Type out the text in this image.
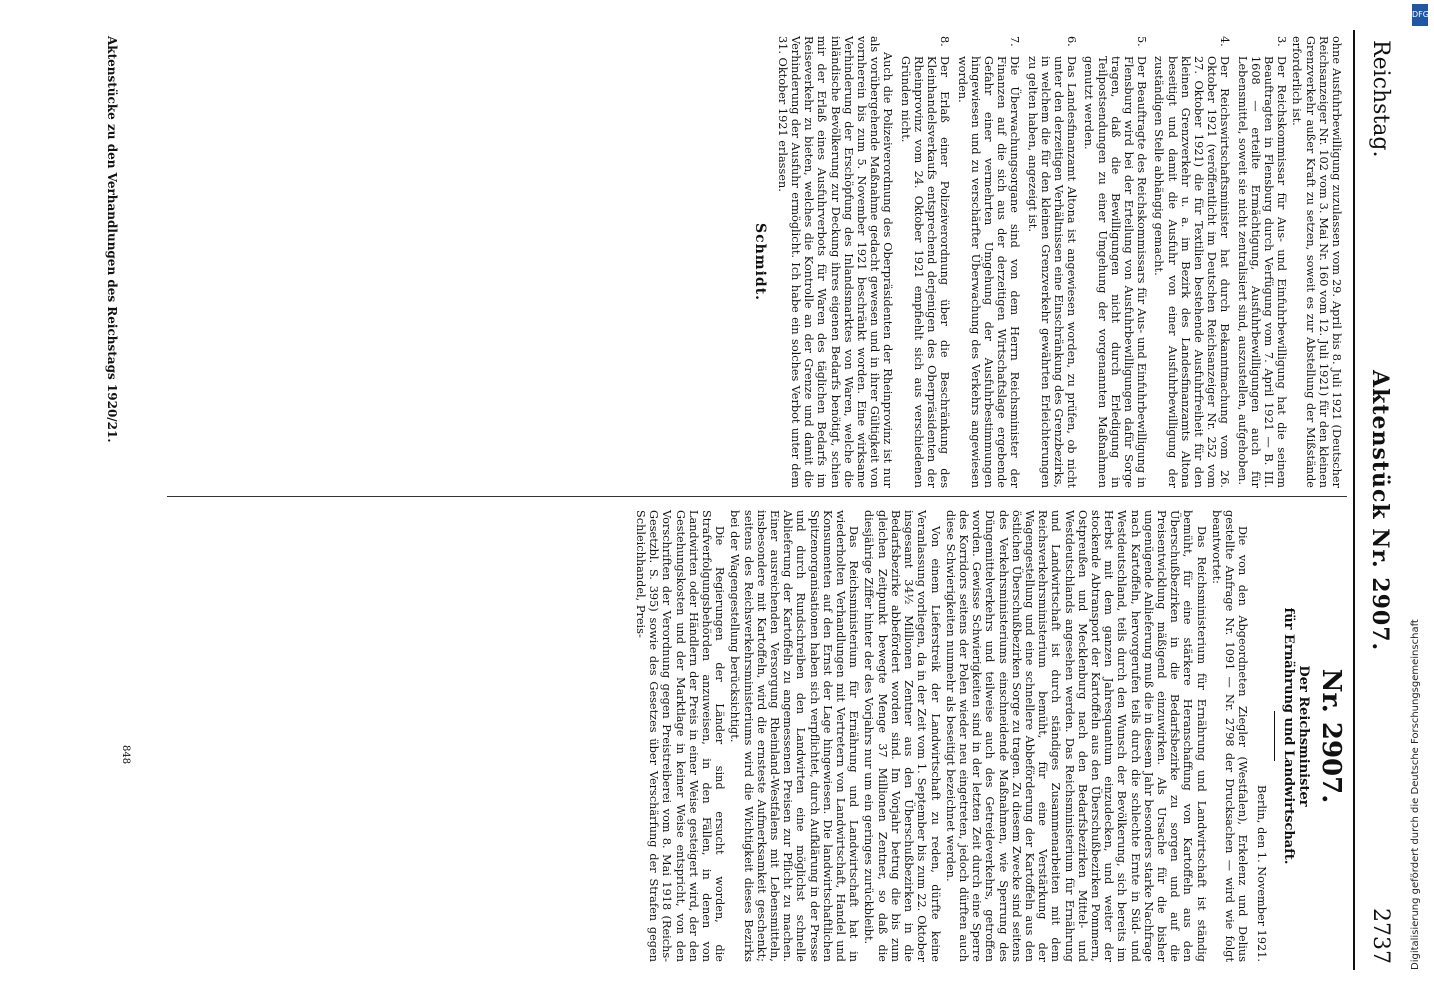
Reichstag.
Aktenstück Nr. 2907.
2737

ohne Ausfuhrbewilligung zuzulassen vom 29. April bis 8. Juli 1921 (Deutscher Reichsanzeiger Nr. 102 vom 3. Mai Nr. 160 vom 12. Juli 1921) für den kleinen Grenzverkehr außer Kraft zu setzen, soweit es zur Abstellung der Mißstände erforderlich ist.

3.
Der Reichskommissar für Aus- und Einfuhrbewilligung hat die seinem Beauftragten in Flensburg durch Verfügung vom 7. April 1921 — B. III. 1608 — erteilte Ermächtigung, Ausfuhrbewilligungen auch für Lebensmittel, soweit sie nicht zentralisiert sind, auszustellen, aufgehoben.
4.
Der Reichswirtschaftsminister hat durch Bekanntmachung vom 26. Oktober 1921 (veröffentlicht im Deutschen Reichsanzeiger Nr. 252 vom 27. Oktober 1921) die für Textilien bestehende Ausfuhrfreiheit für den kleinen Grenzverkehr u. a. im Bezirk des Landesfinanzamts Altona beseitigt und damit die Ausfuhr von einer Ausfuhrbewilligung der zuständigen Stelle abhängig gemacht.
5.
Der Beauftragte des Reichskommissars für Aus- und Einfuhrbewilligung in Flensburg wird bei der Erteilung von Ausfuhrbewilligungen dafür Sorge tragen, daß die Bewilligungen nicht durch Erledigung in Teilpostsendungen zu einer Umgehung der vorgenannten Maßnahmen genutzt werden.
6.
Das Landesfinanzamt Altona ist angewiesen worden, zu prüfen, ob nicht unter den derzeitigen Verhältnissen eine Einschränkung des Grenzbezirks, in welchem die für den kleinen Grenzverkehr gewährten Erleichterungen zu gelten haben, angezeigt ist.
7.
Die Überwachungsorgane sind von dem Herrn Reichsminister der Finanzen auf die sich aus der derzeitigen Wirtschaftslage ergebende Gefahr einer vermehrten Umgehung der Ausfuhrbestimmungen hingewiesen und zu verschärfter Überwachung des Verkehrs angewiesen worden.
8.
Der Erlaß einer Polizeiverordnung über die Beschränkung des Kleinhandelsverkaufs entsprechend derjenigen des Oberpräsidenten der Rheinprovinz vom 24. Oktober 1921 empfiehlt sich aus verschiedenen Gründen nicht.

Auch die Polizeiverordnung des Oberpräsidenten der Rheinprovinz ist nur als vorübergehende Maßnahme gedacht gewesen und in ihrer Gültigkeit von vornherein bis zum 5. November 1921 beschränkt worden. Eine wirksame Verhinderung der Erschöpfung des Inlandsmarktes von Waren, welche die inländische Bevölkerung zur Deckung ihres eigenen Bedarfs benötigt, schien mir der Erlaß eines Ausfuhrverbots für Waren des täglichen Bedarfs im Reiseverkehr zu bieten, welches die Kontrolle an der Grenze und damit die Verhinderung der Ausfuhr ermöglicht. Ich habe ein solches Verbot unter dem 31. Oktober 1921 erlassen.

Schmidt.
Nr. 2907.
Der Reichsminister
für Ernährung und Landwirtschaft.
Berlin, den 1. November 1921.

Die von den Abgeordneten Ziegler (Westfalen), Erkelenz und Delius gestellte Anfrage Nr. 1091 — Nr. 2798 der Drucksachen — wird wie folgt beantwortet:

Das Reichsministerium für Ernährung und Landwirtschaft ist ständig bemüht, für eine stärkere Heranschaffung von Kartoffeln aus den Überschußbezirken in die Bedarfsbezirke zu sorgen und auf die Preisentwicklung mäßigend einzuwirken. Als Ursache für die bisher ungenügende Anlieferung muß die in diesem Jahr besonders starke Nachfrage nach Kartoffeln, hervorgerufen teils durch die schlechte Ernte in Süd- und Westdeutschland, teils durch den Wunsch der Bevölkerung, sich bereits im Herbst mit dem ganzen Jahresquantum einzudecken, und weiter der stockende Abtransport der Kartoffeln aus den Überschußbezirken Pommern, Ostpreußen und Mecklenburg nach den Bedarfsbezirken Mittel- und Westdeutschlands angesehen werden. Das Reichsministerium für Ernährung und Landwirtschaft ist durch ständiges Zusammenarbeiten mit dem Reichsverkehrsministerium bemüht, für eine Verstärkung der Wagengestellung und eine schnellere Abbeförderung der Kartoffeln aus den östlichen Überschußbezirken Sorge zu tragen. Zu diesem Zwecke sind seitens des Verkehrsministeriums einschneidende Maßnahmen, wie Sperrung des Düngemittelverkehrs und teilweise auch des Getreideverkehrs, getroffen worden. Gewisse Schwierigkeiten sind in der letzten Zeit durch eine Sperre des Korridors seitens der Polen wieder neu eingetreten, jedoch dürften auch diese Schwierigkeiten nunmehr als beseitigt bezeichnet werden.

Von einem Lieferstreik der Landwirtschaft zu reden, dürfte keine Veranlassung vorliegen, da in der Zeit vom 1. September bis zum 22. Oktober insgesamt 34½ Millionen Zentner aus den Überschußbezirken in die Bedarfsbezirke abbefördert worden sind. Im Vorjahr betrug die bis zum gleichen Zeitpunkt bewegte Menge 37 Millionen Zentner, so daß die diesjährige Ziffer hinter der des Vorjahrs nur um ein geringes zurückbleibt.

Das Reichsministerium für Ernährung und Landwirtschaft hat in wiederholten Verhandlungen mit Vertretern von Landwirtschaft, Handel und Konsumenten auf den Ernst der Lage hingewiesen. Die landwirtschaftlichen Spitzenorganisationen haben sich verpflichtet, durch Aufklärung in der Presse und durch Rundschreiben den Landwirten eine möglichst schnelle Ablieferung der Kartoffeln zu angemessenen Preisen zur Pflicht zu machen. Einer ausreichenden Versorgung Rheinland-Westfalens mit Lebensmitteln, insbesondere mit Kartoffeln, wird die ernsteste Aufmerksamkeit geschenkt; seitens des Reichsverkehrsministeriums wird die Wichtigkeit dieses Bezirks bei der Wagengestellung berücksichtigt.

Die Regierungen der Länder sind ersucht worden, die Strafverfolgungsbehörden anzuweisen, in den Fällen, in denen von Landwirten oder Händlern der Preis in einer Weise gesteigert wird, der den Gestehungskosten und der Marktlage in keiner Weise entspricht, von den Vorschriften der Verordnung gegen Preistreiberei vom 8. Mai 1918 (Reichs-Gesetzbl. S. 395) sowie des Gesetzes über Verschärfung der Strafen gegen Schleichhandel, Preis-

Aktenstücke zu den Verhandlungen des Reichstags 1920/21.
848	Digitalisierung gefördert durch die Deutsche Forschungsgemeinschaft
DFG
